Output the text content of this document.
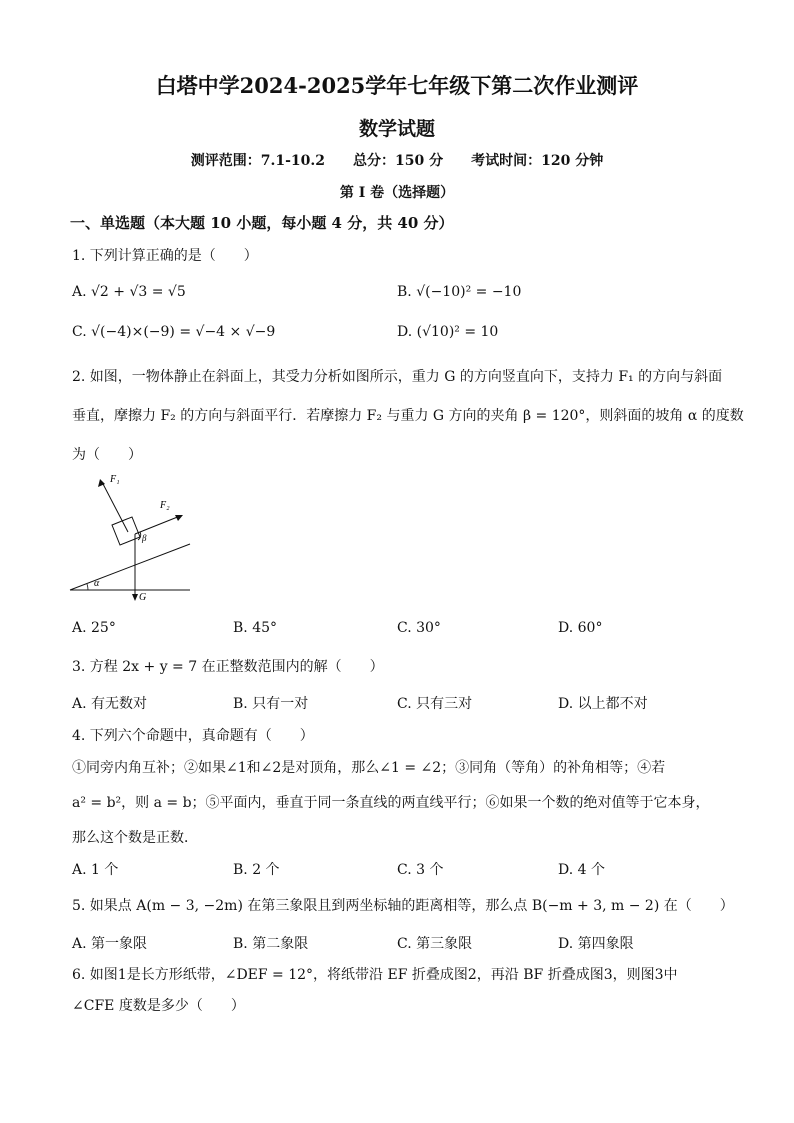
白塔中学2024-2025学年七年级下第二次作业测评
数学试题
测评范围：7.1-10.2　　总分：150 分　　考试时间：120 分钟
第 I 卷（选择题）
一、单选题（本大题 10 小题，每小题 4 分，共 40 分）
1. 下列计算正确的是（　　）
A. √2 + √3 = √5	B. √(−10)² = −10
C. √(−4)×(−9) = √−4 × √−9	D. (√10)² = 10
2. 如图，一物体静止在斜面上，其受力分析如图所示，重力 G 的方向竖直向下，支持力 F₁ 的方向与斜面
垂直，摩擦力 F₂ 的方向与斜面平行．若摩擦力 F₂ 与重力 G 方向的夹角 β = 120°，则斜面的坡角 α 的度数
为（　　）
F₁
F₂
β
α
G
A. 25°	B. 45°	C. 30°	D. 60°
3. 方程 2x + y = 7 在正整数范围内的解（　　）
A. 有无数对	B. 只有一对	C. 只有三对	D. 以上都不对
4. 下列六个命题中，真命题有（　　）
①同旁内角互补；②如果∠1和∠2是对顶角，那么∠1 = ∠2；③同角（等角）的补角相等；④若
a² = b²，则 a = b；⑤平面内，垂直于同一条直线的两直线平行；⑥如果一个数的绝对值等于它本身，
那么这个数是正数．
A. 1 个	B. 2 个	C. 3 个	D. 4 个
5. 如果点 A(m − 3, −2m) 在第三象限且到两坐标轴的距离相等，那么点 B(−m + 3, m − 2) 在（　　）
A. 第一象限	B. 第二象限	C. 第三象限	D. 第四象限
6. 如图1是长方形纸带，∠DEF = 12°，将纸带沿 EF 折叠成图2，再沿 BF 折叠成图3，则图3中
∠CFE 度数是多少（　　）
